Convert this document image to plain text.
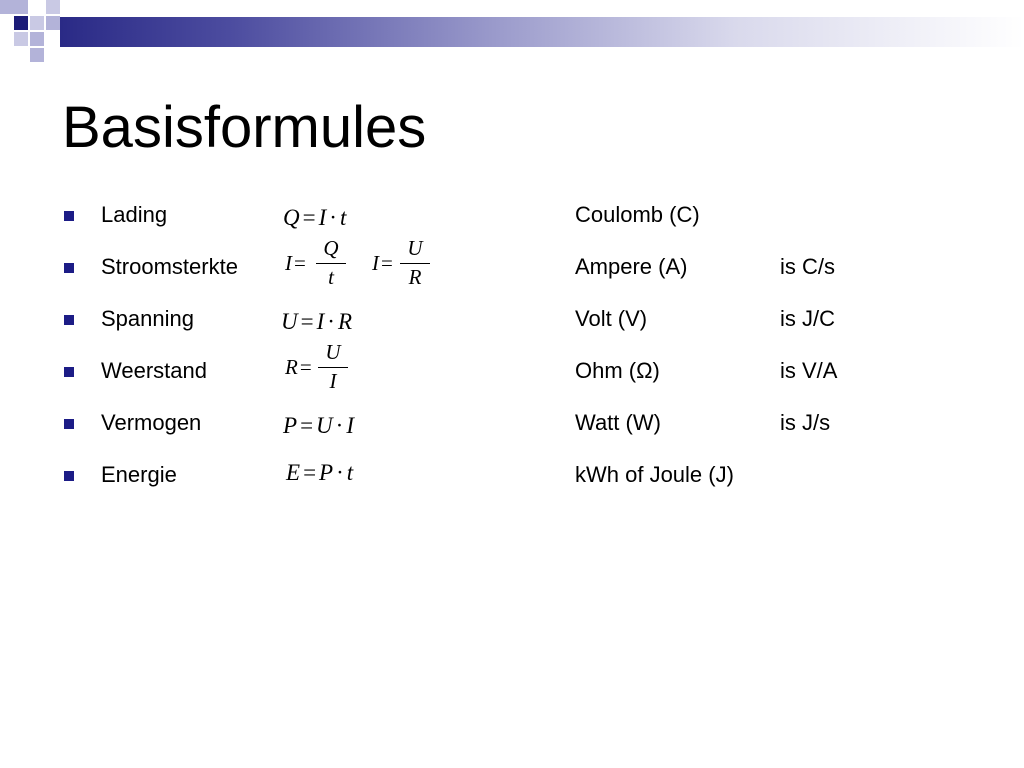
Basisformules
Lading	Q = I · t	Coulomb (C)
Stroomsterkte I=
Q
t
I=
U
R	Ampere (A)	is C/s
Spanning	U = I · R	Volt (V)	is J/C
Weerstand	R=
U
I	Ohm (Ω)	is V/A
Vermogen	P = U · I	Watt (W)	is J/s
Energie	E = P · t	kWh of Joule (J)
